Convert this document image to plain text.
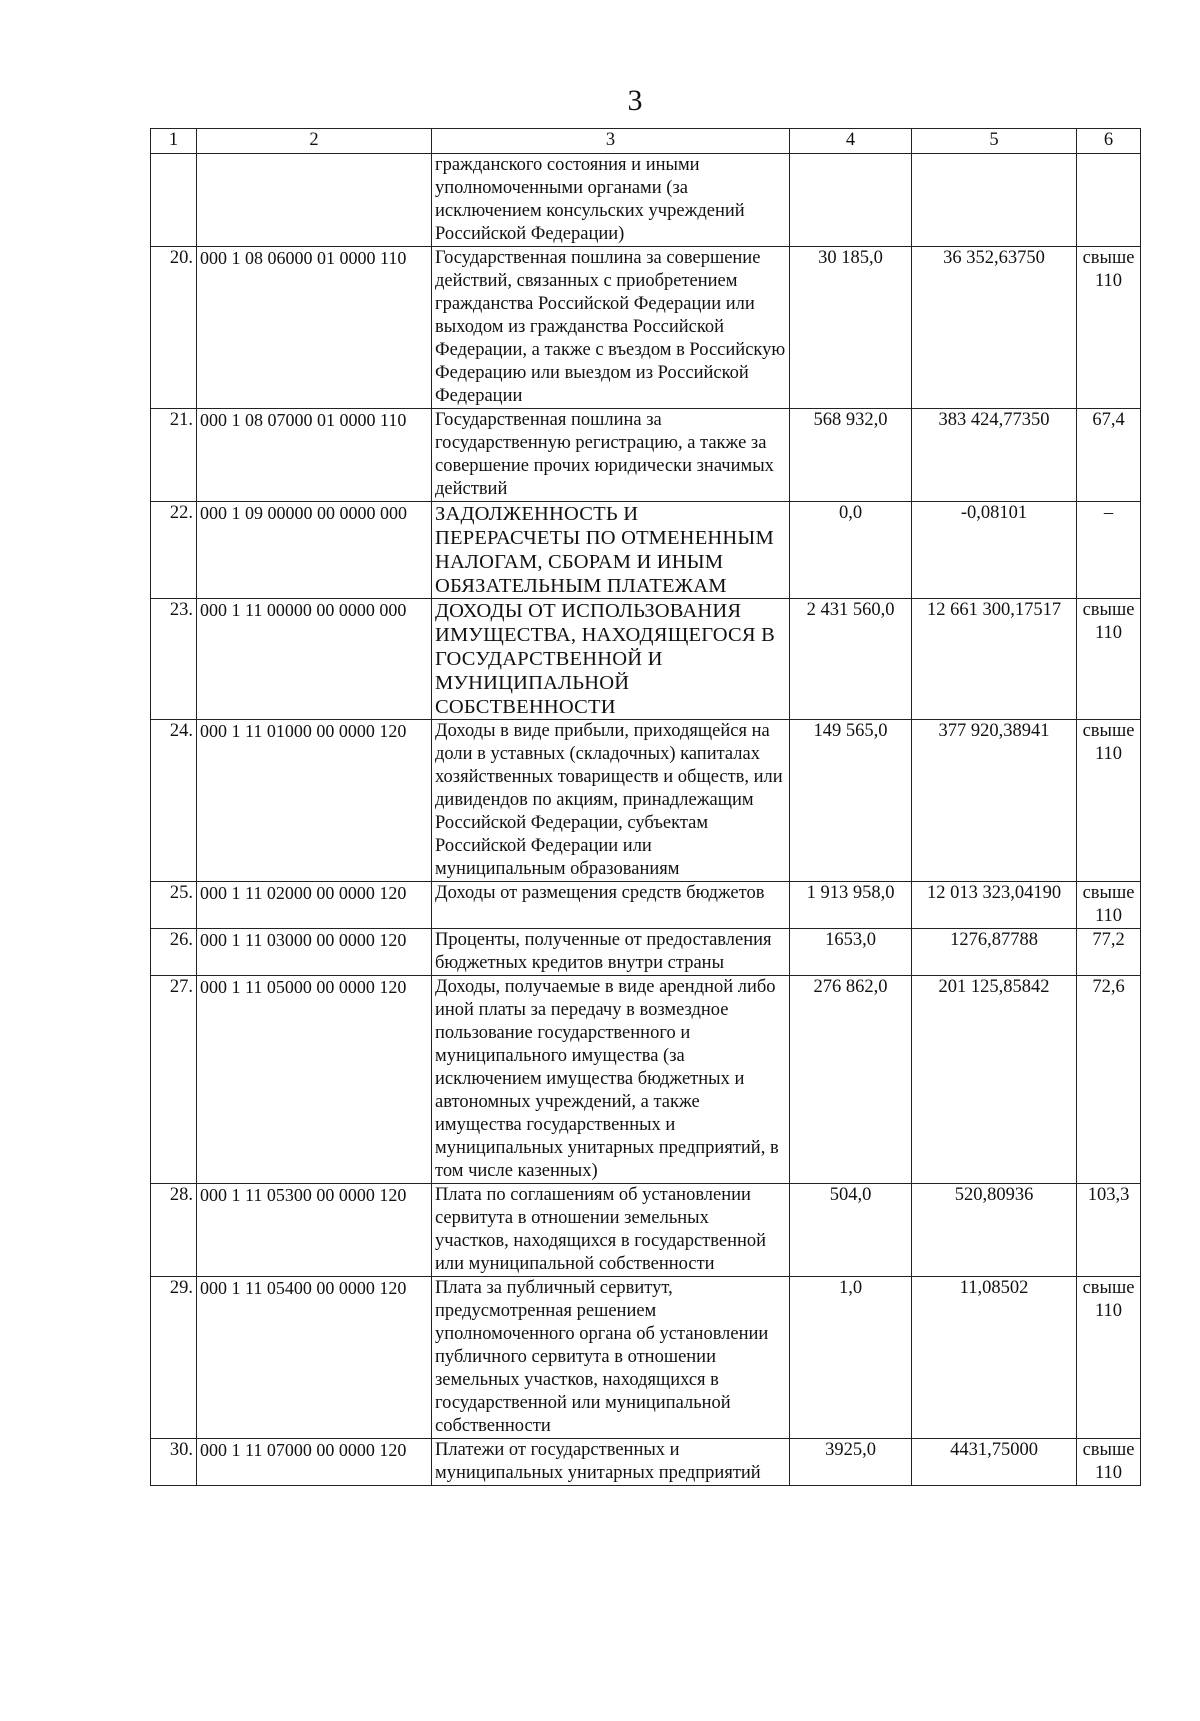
3
1	2	3	4	5	6
		гражданского состояния и иными уполномоченными органами (за исключением консульских учреждений Российской Федерации)			
20.	000 1 08 06000 01 0000 110	Государственная пошлина за совершение действий, связанных с приобретением гражданства Российской Федерации или выходом из гражданства Российской Федерации, а также с въездом в Российскую Федерацию или выездом из Российской Федерации	30 185,0	36 352,63750	свыше 110
21.	000 1 08 07000 01 0000 110	Государственная пошлина за государственную регистрацию, а также за совершение прочих юридически значимых действий	568 932,0	383 424,77350	67,4
22.	000 1 09 00000 00 0000 000	ЗАДОЛЖЕННОСТЬ И ПЕРЕРАСЧЕТЫ ПО ОТМЕНЕННЫМ НАЛОГАМ, СБОРАМ И ИНЫМ ОБЯЗАТЕЛЬНЫМ ПЛАТЕЖАМ	0,0	-0,08101	–
23.	000 1 11 00000 00 0000 000	ДОХОДЫ ОТ ИСПОЛЬЗОВАНИЯ ИМУЩЕСТВА, НАХОДЯЩЕГОСЯ В ГОСУДАРСТВЕННОЙ И МУНИЦИПАЛЬНОЙ СОБСТВЕННОСТИ	2 431 560,0	12 661 300,17517	свыше 110
24.	000 1 11 01000 00 0000 120	Доходы в виде прибыли, приходящейся на доли в уставных (складочных) капиталах хозяйственных товариществ и обществ, или дивидендов по акциям, принадлежащим Российской Федерации, субъектам Российской Федерации или муниципальным образованиям	149 565,0	377 920,38941	свыше 110
25.	000 1 11 02000 00 0000 120	Доходы от размещения средств бюджетов	1 913 958,0	12 013 323,04190	свыше 110
26.	000 1 11 03000 00 0000 120	Проценты, полученные от предоставления бюджетных кредитов внутри страны	1653,0	1276,87788	77,2
27.	000 1 11 05000 00 0000 120	Доходы, получаемые в виде арендной либо иной платы за передачу в возмездное пользование государственного и муниципального имущества (за исключением имущества бюджетных и автономных учреждений, а также имущества государственных и муниципальных унитарных предприятий, в том числе казенных)	276 862,0	201 125,85842	72,6
28.	000 1 11 05300 00 0000 120	Плата по соглашениям об установлении сервитута в отношении земельных участков, находящихся в государственной или муниципальной собственности	504,0	520,80936	103,3
29.	000 1 11 05400 00 0000 120	Плата за публичный сервитут, предусмотренная решением уполномоченного органа об установлении публичного сервитута в отношении земельных участков, находящихся в государственной или муниципальной собственности	1,0	11,08502	свыше 110
30.	000 1 11 07000 00 0000 120	Платежи от государственных и муниципальных унитарных предприятий	3925,0	4431,75000	свыше 110
